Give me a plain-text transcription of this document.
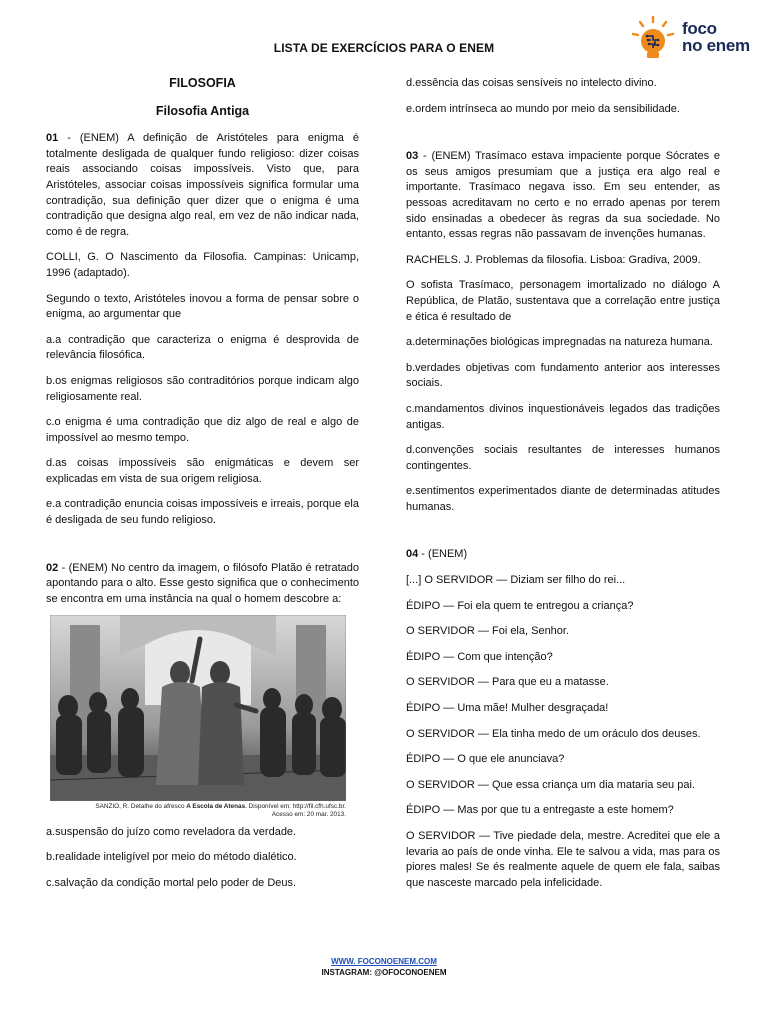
foco
no enem
LISTA DE EXERCÍCIOS PARA O ENEM

FILOSOFIA

Filosofia Antiga

01 - (ENEM) A definição de Aristóteles para enigma é totalmente desligada de qualquer fundo religioso: dizer coisas reais associando coisas impossíveis. Visto que, para Aristóteles, associar coisas impossíveis significa formular uma contradição, sua definição quer dizer que o enigma é uma contradição que designa algo real, em vez de não indicar nada, como é de regra.

COLLI, G. O Nascimento da Filosofia. Campinas: Unicamp, 1996 (adaptado).

Segundo o texto, Aristóteles inovou a forma de pensar sobre o enigma, ao argumentar que

a.a contradição que caracteriza o enigma é desprovida de relevância filosófica.

b.os enigmas religiosos são contraditórios porque indicam algo religiosamente real.

c.o enigma é uma contradição que diz algo de real e algo de impossível ao mesmo tempo.

d.as coisas impossíveis são enigmáticas e devem ser explicadas em vista de sua origem religiosa.

e.a contradição enuncia coisas impossíveis e irreais, porque ela é desligada de seu fundo religioso.

02 - (ENEM) No centro da imagem, o filósofo Platão é retratado apontando para o alto. Esse gesto significa que o conhecimento se encontra em uma instância na qual o homem descobre a:

SANZIO, R. Detalhe do afresco A Escola de Atenas. Disponível em: http://fil.cfh.ufsc.br.
Acesso em: 20 mar. 2013.

a.suspensão do juízo como reveladora da verdade.

b.realidade inteligível por meio do método dialético.

c.salvação da condição mortal pelo poder de Deus.

d.essência das coisas sensíveis no intelecto divino.

e.ordem intrínseca ao mundo por meio da sensibilidade.

03 - (ENEM) Trasímaco estava impaciente porque Sócrates e os seus amigos presumiam que a justiça era algo real e importante. Trasímaco negava isso. Em seu entender, as pessoas acreditavam no certo e no errado apenas por terem sido ensinadas a obedecer às regras da sua sociedade. No entanto, essas regras não passavam de invenções humanas.

RACHELS. J. Problemas da filosofia. Lisboa: Gradiva, 2009.

O sofista Trasímaco, personagem imortalizado no diálogo A República, de Platão, sustentava que a correlação entre justiça e ética é resultado de

a.determinações biológicas impregnadas na natureza humana.

b.verdades objetivas com fundamento anterior aos interesses sociais.

c.mandamentos divinos inquestionáveis legados das tradições antigas.

d.convenções sociais resultantes de interesses humanos contingentes.

e.sentimentos experimentados diante de determinadas atitudes humanas.

04 - (ENEM)

[...] O SERVIDOR — Diziam ser filho do rei...

ÉDIPO — Foi ela quem te entregou a criança?

O SERVIDOR — Foi ela, Senhor.

ÉDIPO — Com que intenção?

O SERVIDOR — Para que eu a matasse.

ÉDIPO — Uma mãe! Mulher desgraçada!

O SERVIDOR — Ela tinha medo de um oráculo dos deuses.

ÉDIPO — O que ele anunciava?

O SERVIDOR — Que essa criança um dia mataria seu pai.

ÉDIPO — Mas por que tu a entregaste a este homem?

O SERVIDOR — Tive piedade dela, mestre. Acreditei que ele a levaria ao país de onde vinha. Ele te salvou a vida, mas para os piores males! Se és realmente aquele de quem ele fala, saibas que nasceste marcado pela infelicidade.

WWW. FOCONOENEM.COM
INSTAGRAM: @OFOCONOENEM
